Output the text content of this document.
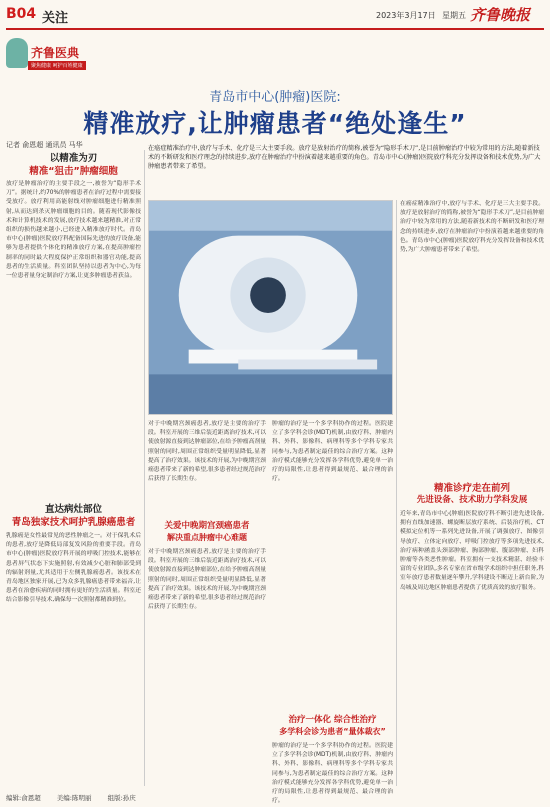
B04 关注	2023年3月17日 星期五 齐鲁晚报
齐鲁医典
聚焦健康 呵护百姓健康
青岛市中心(肿瘤)医院:
精准放疗,让肿瘤患者“绝处逢生”
记者 俞恩超 通讯员 马华	在癌症精准治疗中,放疗与手术、化疗是三大主要手段。放疗是放射治疗的简称,被誉为“隐形手术刀”,是目前肿瘤治疗中较为常用的方法,随着新技术的不断研发和医疗理念的持续进步,放疗在肿瘤治疗中扮演着越来越重要的角色。青岛市中心(肿瘤)医院放疗科充分发挥设备和技术优势,为广大肿瘤患者带来了希望。
以精准为刃
精准“狙击”肿瘤细胞
放疗是肿瘤治疗的主要手段之一,被誉为“隐形手术刀”。据统计,约70%的肿瘤患者在治疗过程中需要接受放疗。放疗利用高能射线对肿瘤细胞进行精准照射,从而达到杀灭肿瘤细胞的目的。随着现代影像技术和计算机技术的发展,放疗技术越来越精准,对正常组织的损伤越来越小,已经进入精准放疗时代。青岛市中心(肿瘤)医院放疗科配备国际先进的放疗设备,能够为患者提供个体化的精准放疗方案,在提高肿瘤控制率的同时最大程度保护正常组织和器官功能,提高患者的生活质量。科室团队坚持以患者为中心,为每一位患者量身定制治疗方案,让更多肿瘤患者获益。
直达病灶部位
青岛独家技术呵护乳腺癌患者
乳腺癌是女性最常见的恶性肿瘤之一。对于保乳术后的患者,放疗是降低局部复发风险的重要手段。青岛市中心(肿瘤)医院放疗科开展的呼吸门控技术,能够在患者屏气状态下实施照射,有效减少心脏和肺部受到的辐射剂量,尤其适用于左侧乳腺癌患者。该技术在青岛地区独家开展,已为众多乳腺癌患者带来福音,让患者在治愈疾病的同时拥有更好的生活质量。科室还结合影像引导技术,确保每一次照射都精准到位。
对于中晚期宫颈癌患者,放疗是主要的治疗手段。科室开展的三维后装近距离治疗技术,可以使放射源直接到达肿瘤部位,在给予肿瘤高剂量照射的同时,周围正常组织受量明显降低,显著提高了治疗效果。该技术的开展,为中晚期宫颈癌患者带来了新的希望,很多患者经过规范治疗后获得了长期生存。
关爱中晚期宫颈癌患者
解决重点肿瘤中心难题
对于中晚期宫颈癌患者,放疗是主要的治疗手段。科室开展的三维后装近距离治疗技术,可以使放射源直接到达肿瘤部位,在给予肿瘤高剂量照射的同时,周围正常组织受量明显降低,显著提高了治疗效果。该技术的开展,为中晚期宫颈癌患者带来了新的希望,很多患者经过规范治疗后获得了长期生存。
肿瘤的治疗是一个多学科协作的过程。医院建立了多学科会诊(MDT)机制,由放疗科、肿瘤内科、外科、影像科、病理科等多个学科专家共同参与,为患者制定最佳的综合治疗方案。这种治疗模式能够充分发挥各学科优势,避免单一治疗的局限性,让患者得到最规范、最合理的治疗。
治疗一体化 综合性治疗
多学科会诊为患者“量体裁衣”
肿瘤的治疗是一个多学科协作的过程。医院建立了多学科会诊(MDT)机制,由放疗科、肿瘤内科、外科、影像科、病理科等多个学科专家共同参与,为患者制定最佳的综合治疗方案。这种治疗模式能够充分发挥各学科优势,避免单一治疗的局限性,让患者得到最规范、最合理的治疗。
在癌症精准治疗中,放疗与手术、化疗是三大主要手段。放疗是放射治疗的简称,被誉为“隐形手术刀”,是目前肿瘤治疗中较为常用的方法,随着新技术的不断研发和医疗理念的持续进步,放疗在肿瘤治疗中扮演着越来越重要的角色。青岛市中心(肿瘤)医院放疗科充分发挥设备和技术优势,为广大肿瘤患者带来了希望。
精准诊疗走在前列
先进设备、技术助力学科发展
近年来,青岛市中心(肿瘤)医院放疗科不断引进先进设备,拥有直线加速器、螺旋断层放疗系统、后装治疗机、CT模拟定位机等一系列先进设备,开展了调强放疗、图像引导放疗、立体定向放疗、呼吸门控放疗等多项先进技术,治疗病种涵盖头颈部肿瘤、胸部肿瘤、腹部肿瘤、妇科肿瘤等各类恶性肿瘤。科室拥有一支技术精湛、经验丰富的专业团队,多名专家在省市级学术组织中担任职务,科室年放疗患者数量逐年攀升,学科建设不断迈上新台阶,为岛城及周边地区肿瘤患者提供了优质高效的放疗服务。
编辑:俞恩超 美编:陈明丽 组版:孙庆
